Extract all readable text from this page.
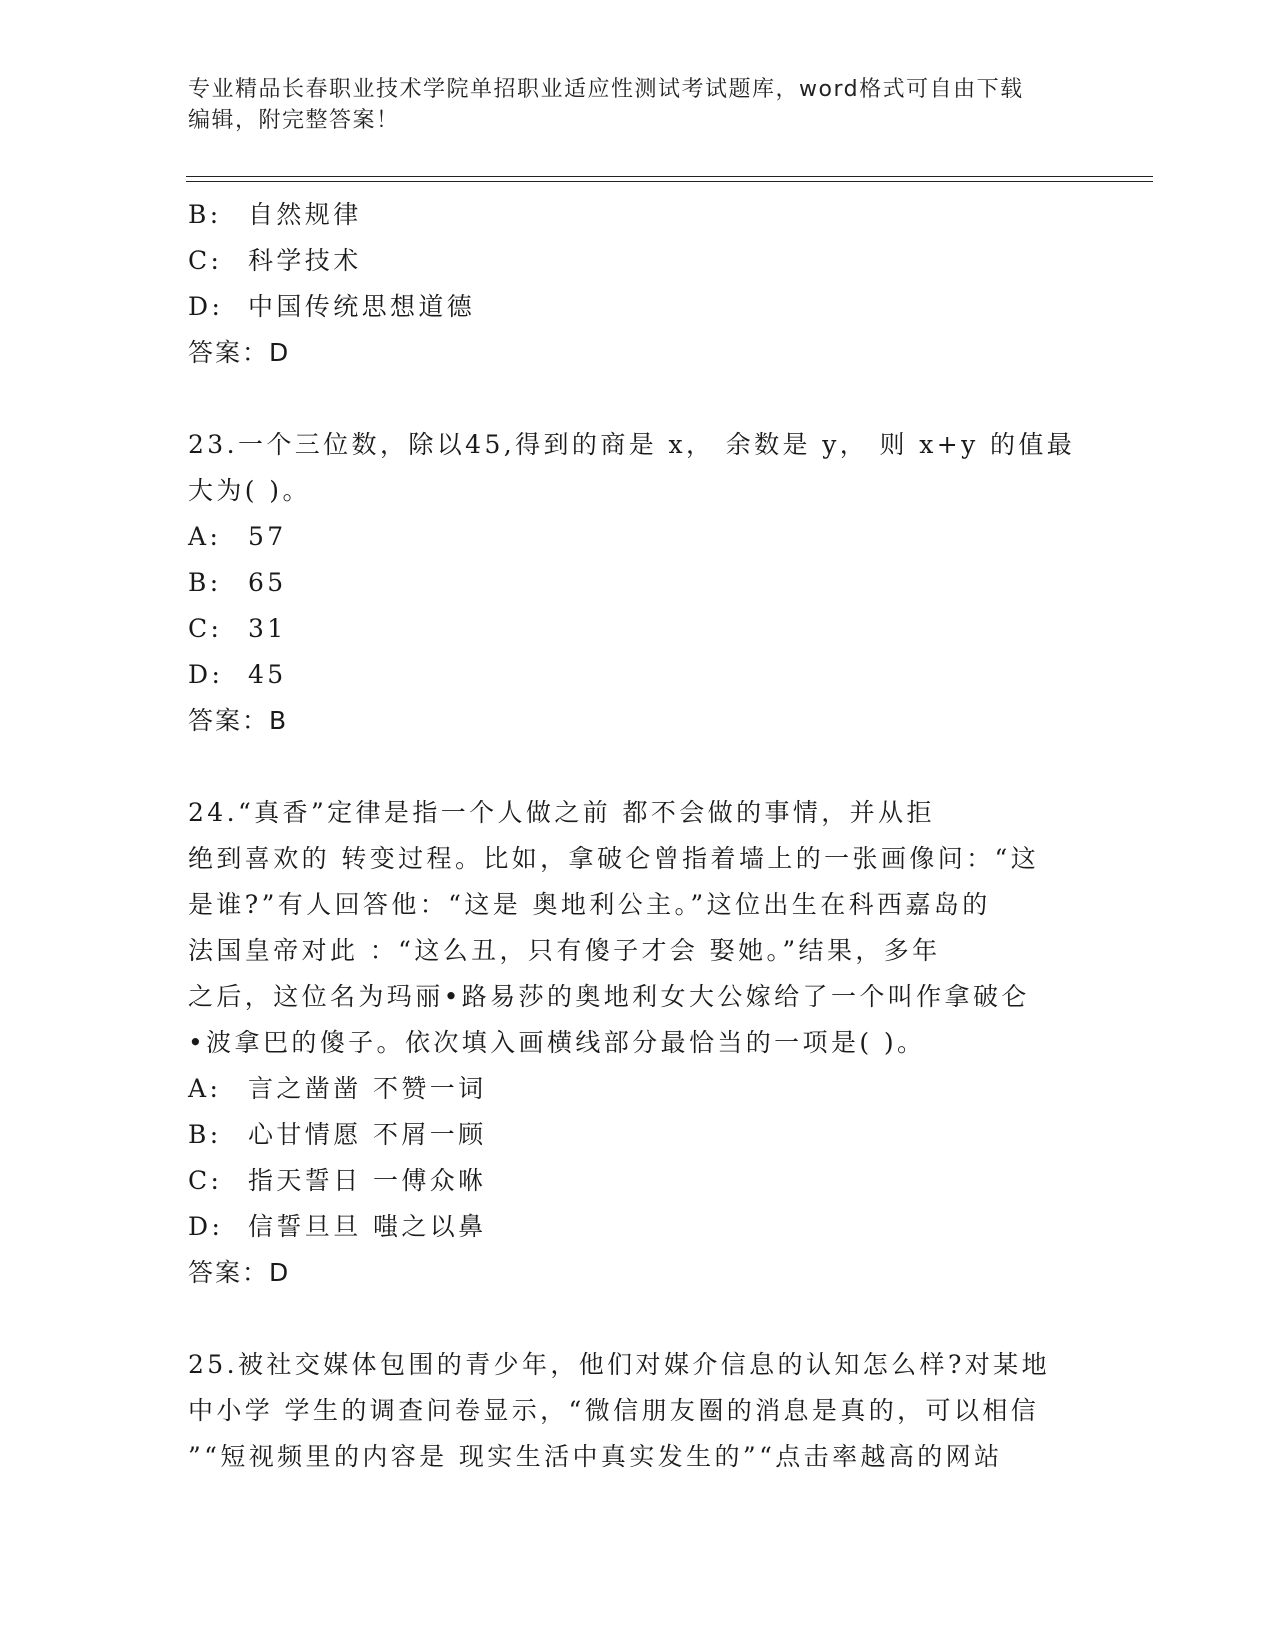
专业精品长春职业技术学院单招职业适应性测试考试题库，word格式可自由下载
编辑，附完整答案！
B: 自然规律
C: 科学技术
D: 中国传统思想道德
答案：D
23.一个三位数，除以45,得到的商是 x， 余数是 y， 则 x+y 的值最
大为( )。
A: 57
B: 65
C: 31
D: 45
答案：B
24.“真香”定律是指一个人做之前 都不会做的事情，并从拒
绝到喜欢的 转变过程。比如，拿破仑曾指着墙上的一张画像问：“这
是谁?”有人回答他：“这是 奥地利公主。”这位出生在科西嘉岛的
法国皇帝对此 ：“这么丑，只有傻子才会 娶她。”结果，多年
之后，这位名为玛丽•路易莎的奥地利女大公嫁给了一个叫作拿破仑
•波拿巴的傻子。依次填入画横线部分最恰当的一项是( )。
A: 言之凿凿 不赞一词
B: 心甘情愿 不屑一顾
C: 指天誓日 一傅众咻
D: 信誓旦旦 嗤之以鼻
答案：D
25.被社交媒体包围的青少年，他们对媒介信息的认知怎么样?对某地
中小学 学生的调查问卷显示，“微信朋友圈的消息是真的，可以相信
”“短视频里的内容是 现实生活中真实发生的”“点击率越高的网站
